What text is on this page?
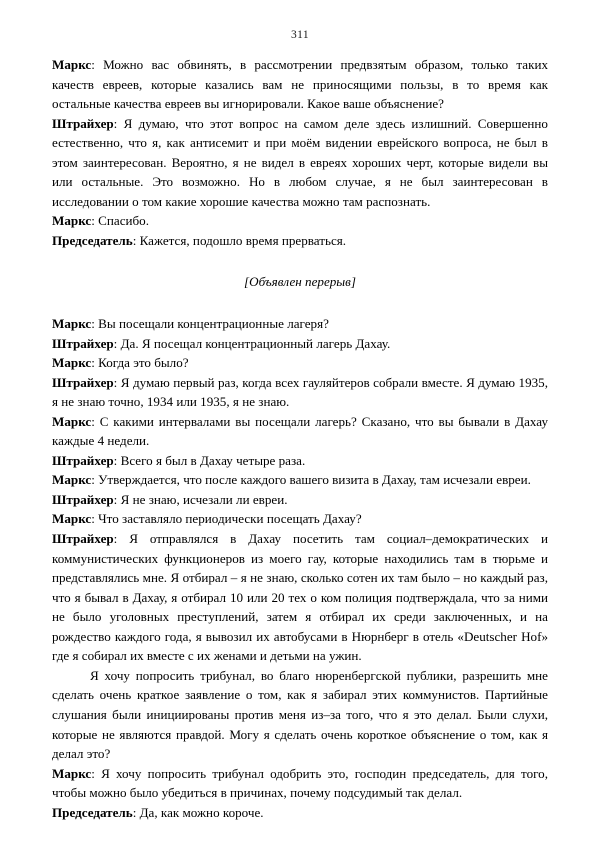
311

Маркс: Можно вас обвинять, в рассмотрении предвзятым образом, только таких качеств евреев, которые казались вам не приносящими пользы, в то время как остальные качества евреев вы игнорировали. Какое ваше объяснение?

Штрайхер: Я думаю, что этот вопрос на самом деле здесь излишний. Совершенно естественно, что я, как антисемит и при моём видении еврейского вопроса, не был в этом заинтересован. Вероятно, я не видел в евреях хороших черт, которые видели вы или остальные. Это возможно. Но в любом случае, я не был заинтересован в исследовании о том какие хорошие качества можно там распознать.

Маркс: Спасибо.

Председатель: Кажется, подошло время прерваться.

[Объявлен перерыв]

Маркс: Вы посещали концентрационные лагеря?

Штрайхер: Да. Я посещал концентрационный лагерь Дахау.

Маркс: Когда это было?

Штрайхер: Я думаю первый раз, когда всех гауляйтеров собрали вместе. Я думаю 1935, я не знаю точно, 1934 или 1935, я не знаю.

Маркс: С какими интервалами вы посещали лагерь? Сказано, что вы бывали в Дахау каждые 4 недели.

Штрайхер: Всего я был в Дахау четыре раза.

Маркс: Утверждается, что после каждого вашего визита в Дахау, там исчезали евреи.

Штрайхер: Я не знаю, исчезали ли евреи.

Маркс: Что заставляло периодически посещать Дахау?

Штрайхер: Я отправлялся в Дахау посетить там социал–демократических и коммунистических функционеров из моего гау, которые находились там в тюрьме и представлялись мне. Я отбирал – я не знаю, сколько сотен их там было – но каждый раз, что я бывал в Дахау, я отбирал 10 или 20 тех о ком полиция подтверждала, что за ними не было уголовных преступлений, затем я отбирал их среди заключенных, и на рождество каждого года, я вывозил их автобусами в Нюрнберг в отель «Deutscher Hof» где я собирал их вместе с их женами и детьми на ужин.

Я хочу попросить трибунал, во благо нюренбергской публики, разрешить мне сделать очень краткое заявление о том, как я забирал этих коммунистов. Партийные слушания были инициированы против меня из–за того, что я это делал. Были слухи, которые не являются правдой. Могу я сделать очень короткое объяснение о том, как я делал это?

Маркс: Я хочу попросить трибунал одобрить это, господин председатель, для того, чтобы можно было убедиться в причинах, почему подсудимый так делал.

Председатель: Да, как можно короче.
